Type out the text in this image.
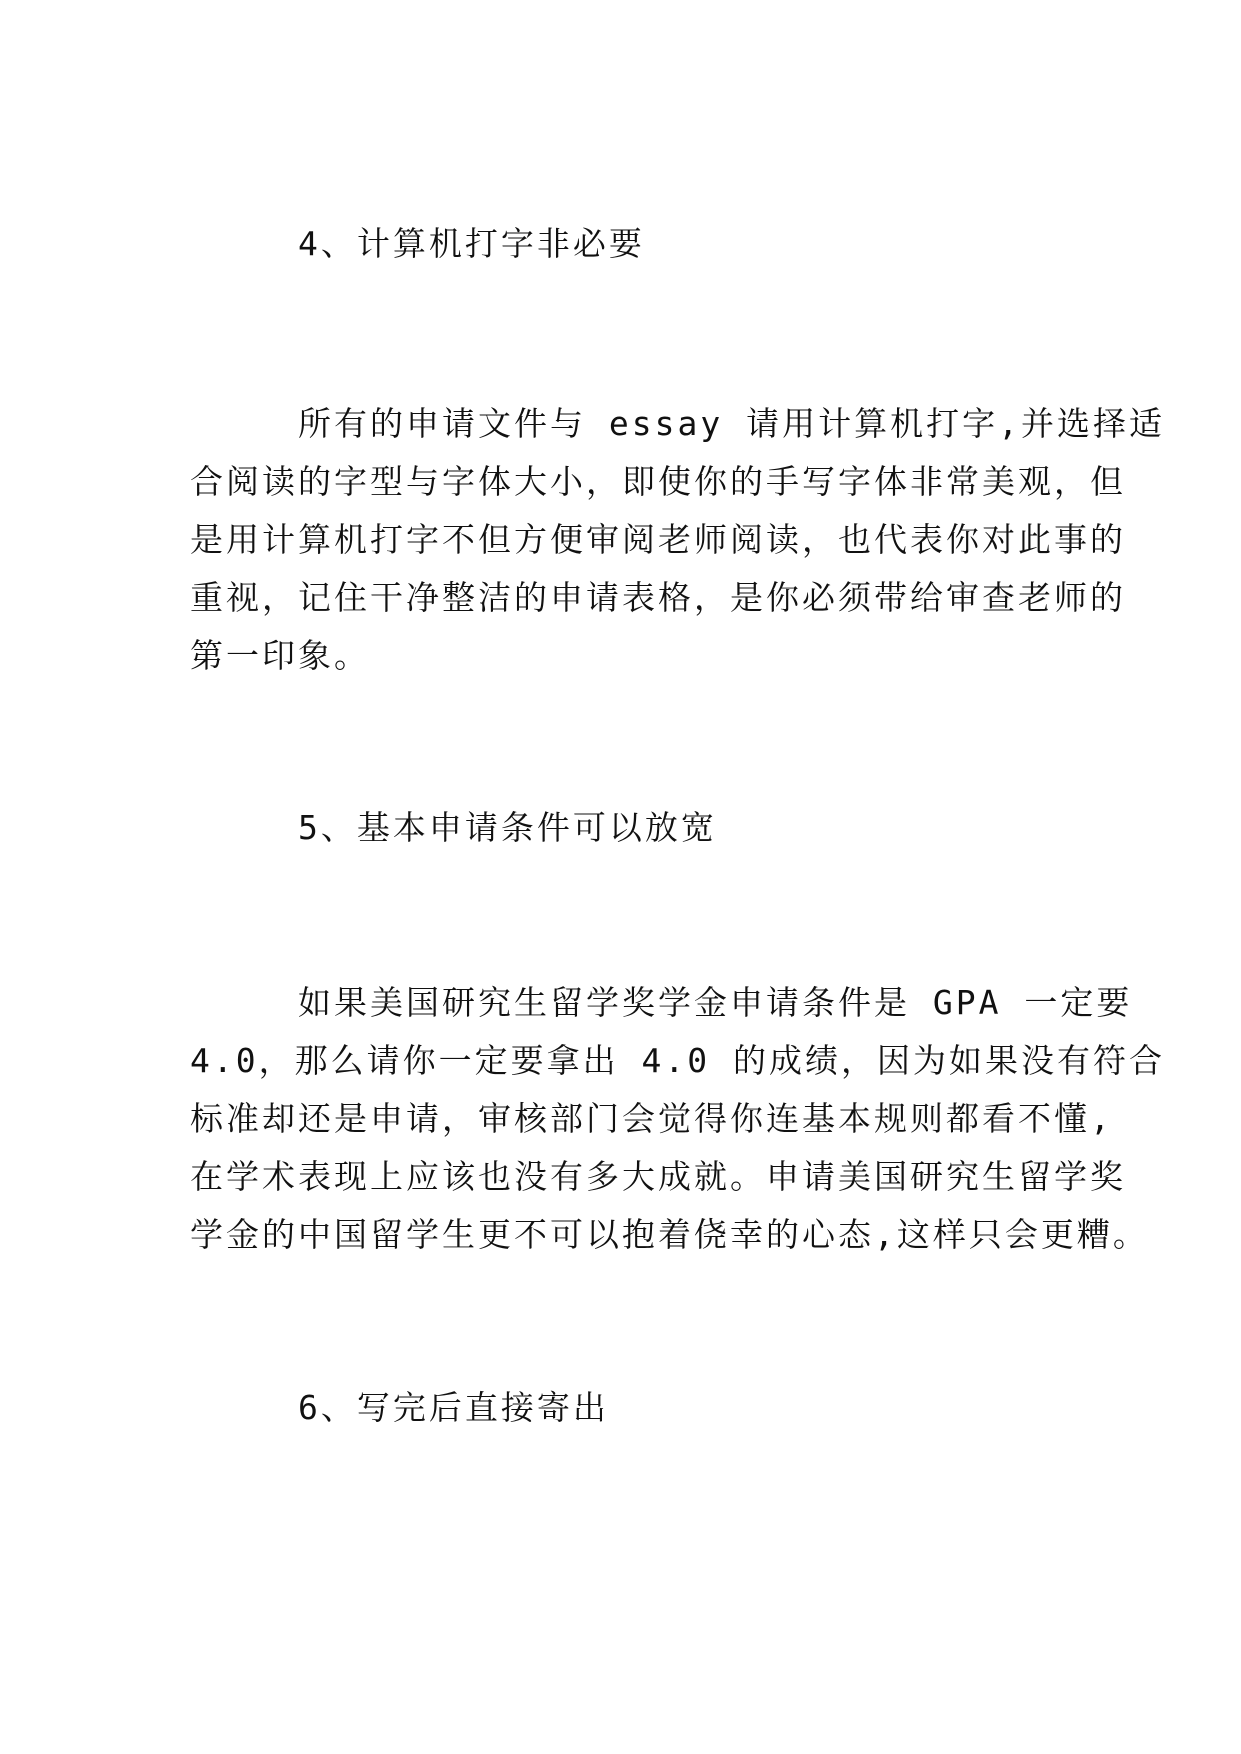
4、计算机打字非必要
所有的申请文件与 essay 请用计算机打字,并选择适
合阅读的字型与字体大小，即使你的手写字体非常美观，但
是用计算机打字不但方便审阅老师阅读，也代表你对此事的
重视，记住干净整洁的申请表格，是你必须带给审查老师的
第一印象。
5、基本申请条件可以放宽
如果美国研究生留学奖学金申请条件是 GPA 一定要
4.0，那么请你一定要拿出 4.0 的成绩，因为如果没有符合
标准却还是申请，审核部门会觉得你连基本规则都看不懂,
在学术表现上应该也没有多大成就。申请美国研究生留学奖
学金的中国留学生更不可以抱着侥幸的心态,这样只会更糟。
6、写完后直接寄出
